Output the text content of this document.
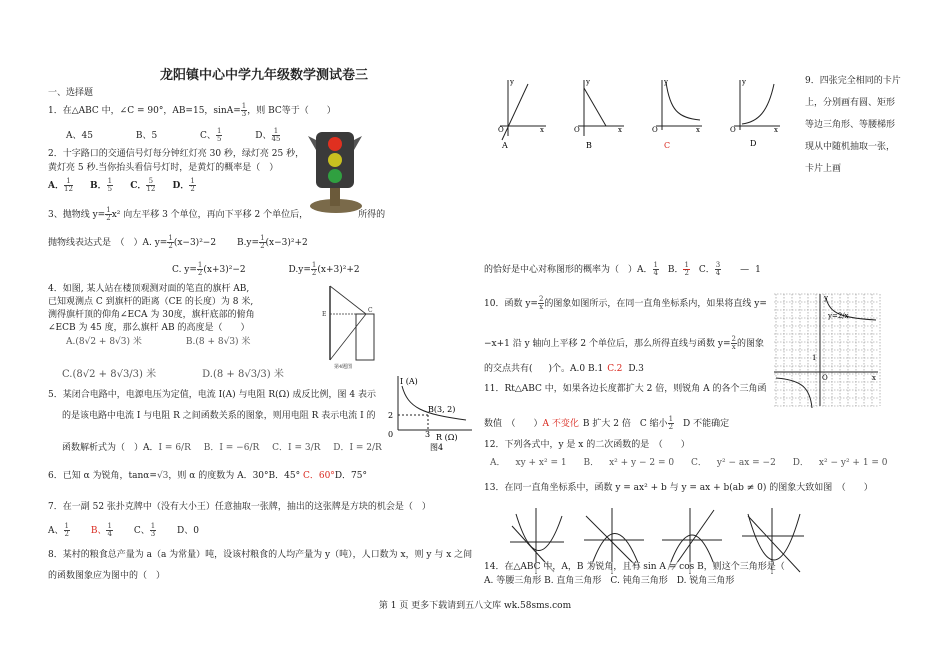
龙阳镇中心中学九年级数学测试卷三
一、选择题
1．在△ABC 中，∠C = 90°，AB=15，$\sin A= \frac{1}{3}$ ，则 BC等于（　　）
A、45	B、5	C、 $\frac{1}{5}$	D、 $\frac{1}{45}$
2．十字路口的交通信号灯每分钟红灯亮 30 秒，绿灯亮 25 秒，
黄灯亮 5 秒.当你抬头看信号灯时，是黄灯的概率是（　）
A． $\frac{1}{12}$ B． $\frac{1}{5}$ C． $\frac{5}{12}$ D． $\frac{1}{2}$
3、抛物线 $y= \frac{1}{2} x^2$ 向左平移 3 个单位，再向下平移 2 个单位后，	所得的
抛物线表达式是　（　）A. $y= \frac{1}{2} (x-3)^2-2$ $B.y= \frac{1}{2} (x-3)^2+2$
C. $y= \frac{1}{2} (x+3)^2-2$	$D.y= \frac{1}{2} (x+3)^2+2$
4．如图, 某人站在楼顶观测对面的笔直的旗杆 AB,
已知观测点 C 到旗杆的距离（CE 的长度）为 8 米,
测得旗杆顶的仰角∠ECA 为 30度，旗杆底部的俯角
∠ECB 为 45 度，那么旗杆 AB 的高度是（　　）
A.(8√2 + 8√3) 米	B.(8 + 8√3) 米
C.(8√2 + 8√3/3) 米	D.(8 + 8√3/3) 米
E
C
第4题图
5．某闭合电路中，电源电压为定值，电流 I(A) 与电阻 R(Ω) 成反比例，图 4 表示
的是该电路中电流 I 与电阻 R 之间函数关系的图象，则用电阻 R 表示电流 I 的
函数解析式为（　）A．I = 6/R B．I = −6/R C．I = 3/R D．I = 2/R
I (A)
B(3, 2)
2
0	3 R (Ω)
图4
6．已知 α 为锐角，tanα=√3，则 α 的度数为 A．30°B．45° C．60°D．75°
7．在一副 52 张扑克牌中（没有大小王）任意抽取一张牌，抽出的这张牌是方块的机会是（　）
A、 $\frac{1}{2}$ B、 $\frac{1}{4}$ C、 $\frac{1}{3}$ D、0
8．某村的粮食总产量为 a（a 为常量）吨，设该村粮食的人均产量为 y（吨），人口数为 x，则 y 与 x 之间
的函数图象应为图中的（　）
y
x
O
A
y
x
O
B
y
x
O
C
y
x
O
D
9．四张完全相同的卡片
上，分别画有圆、矩形
等边三角形、等腰梯形
现从中随机抽取一张，
卡片上画
的恰好是中心对称图形的概率为（　）A． $\frac{1}{4}$ B． $\frac{1}{2}$ C． $\frac{3}{4}$ — 1
10．函数 $y= \frac{2}{x}$ 的图象如图所示，在同一直角坐标系内，如果将直线 y=
−x+1 沿 y 轴向上平移 2 个单位后，那么所得直线与函数 $y= \frac{2}{x}$ 的图象
的交点共有( )个。A.0 B.1 C.2 D.3
y
x
O
1
y=2/x
11．Rt△ABC 中，如果各边长度都扩大 2 倍，则锐角 A 的各个三角函
数值　（　　）A 不变化 B 扩大 2 倍　C 缩小 $\frac{1}{2}$ 　D 不能确定
12．下列各式中，y 是 x 的二次函数的是　（　　）
A． xy + x² = 1 B． x² + y − 2 = 0 C． y² − ax = −2 D． x² − y² + 1 = 0
13．在同一直角坐标系中，函数 y = ax² + b 与 y = ax + b(ab ≠ 0) 的图象大致如图　（　　）
14．在△ABC 中，A，B 为锐角，且有 sin A = cos B，则这个三角形是（
A. 等腰三角形 B. 直角三角形　C. 钝角三角形　D. 锐角三角形
第 1 页 更多下载请到五八文库 wk.58sms.com
